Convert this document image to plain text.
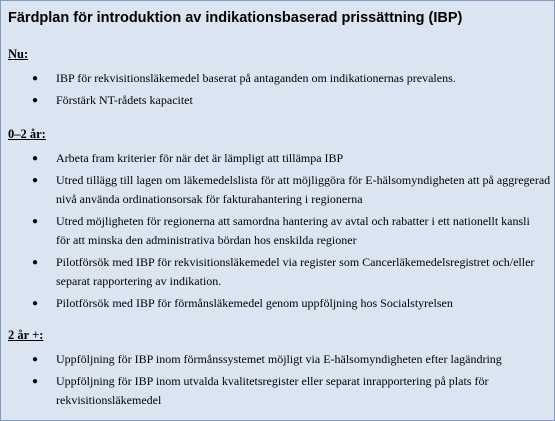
Färdplan för introduktion av indikationsbaserad prissättning (IBP)
Nu:
● IBP för rekvisitionsläkemedel baserat på antaganden om indikationernas prevalens.
● Förstärk NT-rådets kapacitet
0–2 år:
● Arbeta fram kriterier för när det är lämpligt att tillämpa IBP
● Utred tillägg till lagen om läkemedelslista för att möjliggöra för E-hälsomyndigheten att på aggregerad
nivå använda ordinationsorsak för fakturahantering i regionerna
● Utred möjligheten för regionerna att samordna hantering av avtal och rabatter i ett nationellt kansli
för att minska den administrativa bördan hos enskilda regioner
● Pilotförsök med IBP för rekvisitionsläkemedel via register som Cancerläkemedelsregistret och/eller
separat rapportering av indikation.
● Pilotförsök med IBP för förmånsläkemedel genom uppföljning hos Socialstyrelsen
2 år +:
● Uppföljning för IBP inom förmånssystemet möjligt via E-hälsomyndigheten efter lagändring
● Uppföljning för IBP inom utvalda kvalitetsregister eller separat inrapportering på plats för
rekvisitionsläkemedel
